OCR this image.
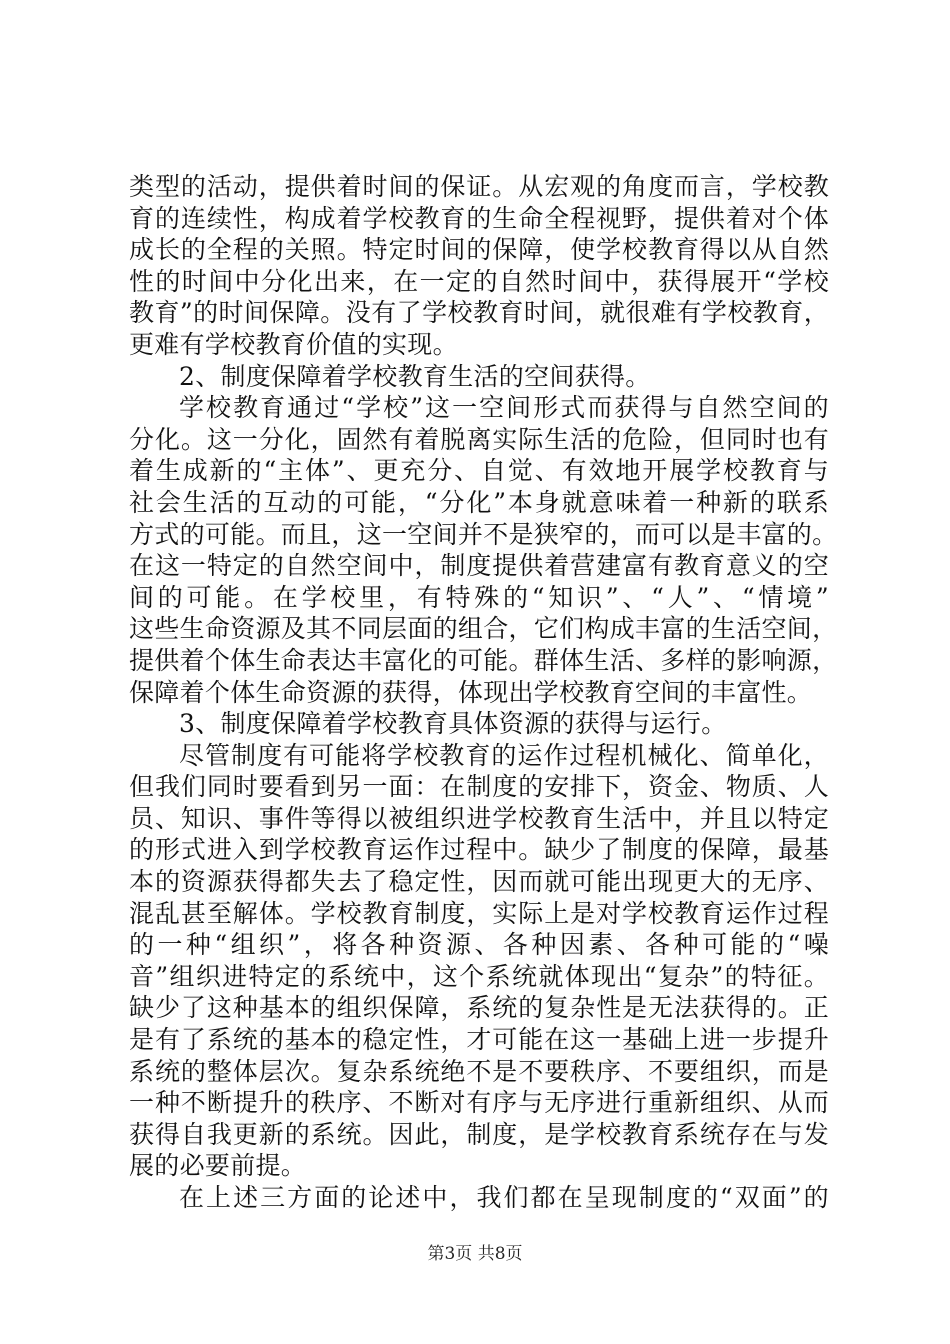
类型的活动，提供着时间的保证。从宏观的角度而言，学校教
育的连续性，构成着学校教育的生命全程视野，提供着对个体
成长的全程的关照。特定时间的保障，使学校教育得以从自然
性的时间中分化出来，在一定的自然时间中，获得展开“学校
教育”的时间保障。没有了学校教育时间，就很难有学校教育，
更难有学校教育价值的实现。
2、制度保障着学校教育生活的空间获得。
学校教育通过“学校”这一空间形式而获得与自然空间的
分化。这一分化，固然有着脱离实际生活的危险，但同时也有
着生成新的“主体”、更充分、自觉、有效地开展学校教育与
社会生活的互动的可能，“分化”本身就意味着一种新的联系
方式的可能。而且，这一空间并不是狭窄的，而可以是丰富的。
在这一特定的自然空间中，制度提供着营建富有教育意义的空
间的可能。在学校里，有特殊的“知识”、“人”、“情境”
这些生命资源及其不同层面的组合，它们构成丰富的生活空间，
提供着个体生命表达丰富化的可能。群体生活、多样的影响源，
保障着个体生命资源的获得，体现出学校教育空间的丰富性。
3、制度保障着学校教育具体资源的获得与运行。
尽管制度有可能将学校教育的运作过程机械化、简单化，
但我们同时要看到另一面：在制度的安排下，资金、物质、人
员、知识、事件等得以被组织进学校教育生活中，并且以特定
的形式进入到学校教育运作过程中。缺少了制度的保障，最基
本的资源获得都失去了稳定性，因而就可能出现更大的无序、
混乱甚至解体。学校教育制度，实际上是对学校教育运作过程
的一种“组织”，将各种资源、各种因素、各种可能的“噪
音”组织进特定的系统中，这个系统就体现出“复杂”的特征。
缺少了这种基本的组织保障，系统的复杂性是无法获得的。正
是有了系统的基本的稳定性，才可能在这一基础上进一步提升
系统的整体层次。复杂系统绝不是不要秩序、不要组织，而是
一种不断提升的秩序、不断对有序与无序进行重新组织、从而
获得自我更新的系统。因此，制度，是学校教育系统存在与发
展的必要前提。
在上述三方面的论述中，我们都在呈现制度的“双面”的
第3页 共8页
